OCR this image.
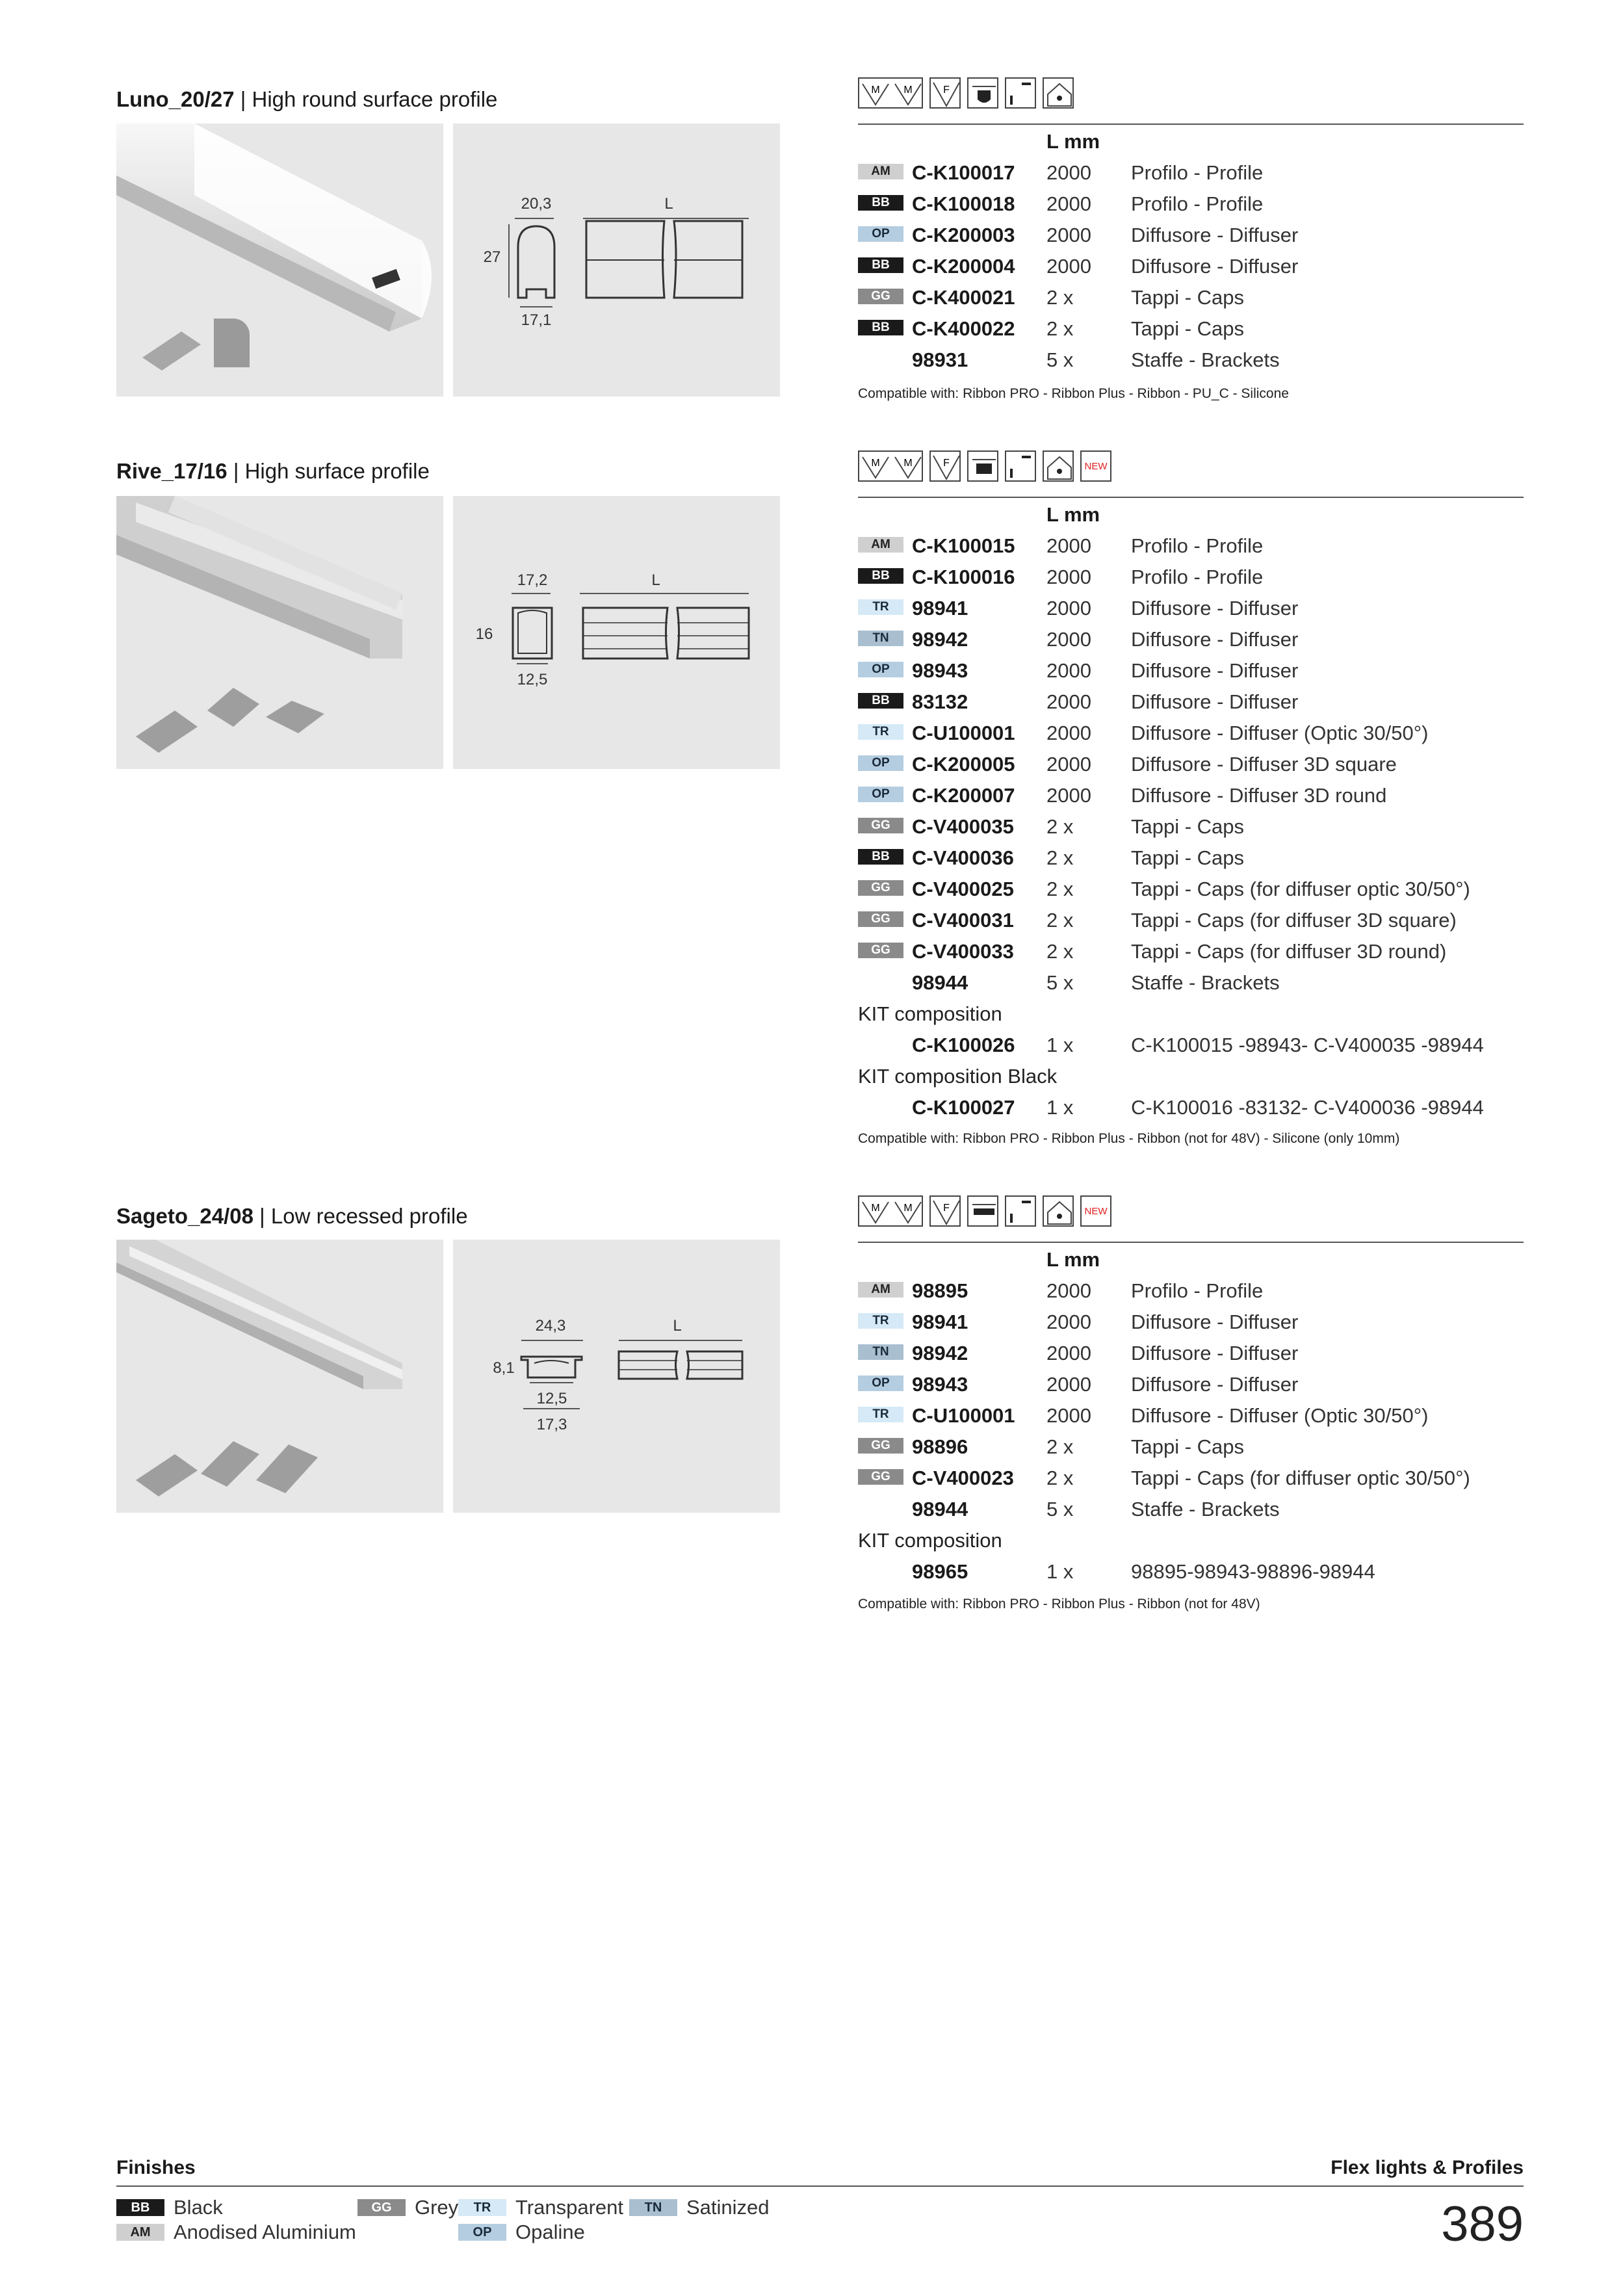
Luno_20/27 | High round surface profile
20,3	L
27
17,1
M M	F
L mm
AM	C-K100017 2000 Profilo - Profile
BB	C-K100018 2000 Profilo - Profile
OP	C-K200003 2000 Diffusore - Diffuser
BB	C-K200004 2000 Diffusore - Diffuser
GG	C-K400021 2 x	Tappi - Caps
BB	C-K400022 2 x	Tappi - Caps
98931	5 x	Staffe - Brackets
Compatible with: Ribbon PRO - Ribbon Plus - Ribbon - PU_C - Silicone
Rive_17/16 | High surface profile
17,2	L
16
12,5
M M	F	NEW
L mm
AM	C-K100015 2000 Profilo - Profile
BB	C-K100016 2000 Profilo - Profile
TR	98941	2000 Diffusore - Diffuser
TN	98942	2000 Diffusore - Diffuser
OP	98943	2000 Diffusore - Diffuser
BB	83132	2000 Diffusore - Diffuser
TR	C-U100001 2000 Diffusore - Diffuser (Optic 30/50°)
OP	C-K200005 2000 Diffusore - Diffuser 3D square
OP	C-K200007 2000 Diffusore - Diffuser 3D round
GG	C-V400035 2 x	Tappi - Caps
BB	C-V400036 2 x	Tappi - Caps
GG	C-V400025 2 x	Tappi - Caps (for diffuser optic 30/50°)
GG	C-V400031 2 x	Tappi - Caps (for diffuser 3D square)
GG	C-V400033 2 x	Tappi - Caps (for diffuser 3D round)
98944	5 x	Staffe - Brackets
KIT composition
C-K100026 1 x	C-K100015 -98943- C-V400035 -98944
KIT composition Black
C-K100027 1 x	C-K100016 -83132- C-V400036 -98944
Compatible with: Ribbon PRO - Ribbon Plus - Ribbon (not for 48V) - Silicone (only 10mm)
Sageto_24/08 | Low recessed profile
24,3	L
8,1
12,5
17,3
M M	F	NEW
L mm
AM	98895	2000 Profilo - Profile
TR	98941	2000 Diffusore - Diffuser
TN	98942	2000 Diffusore - Diffuser
OP	98943	2000 Diffusore - Diffuser
TR	C-U100001 2000 Diffusore - Diffuser (Optic 30/50°)
GG	98896	2 x	Tappi - Caps
GG	C-V400023 2 x	Tappi - Caps (for diffuser optic 30/50°)
98944	5 x	Staffe - Brackets
KIT composition
98965	1 x	98895-98943-98896-98944
Compatible with: Ribbon PRO - Ribbon Plus - Ribbon (not for 48V)
Finishes	Flex lights & Profiles
BB	Black
AM	Anodised Aluminium
GG	Grey	TR	Transparent
OP	Opaline
TN	Satinized	389
